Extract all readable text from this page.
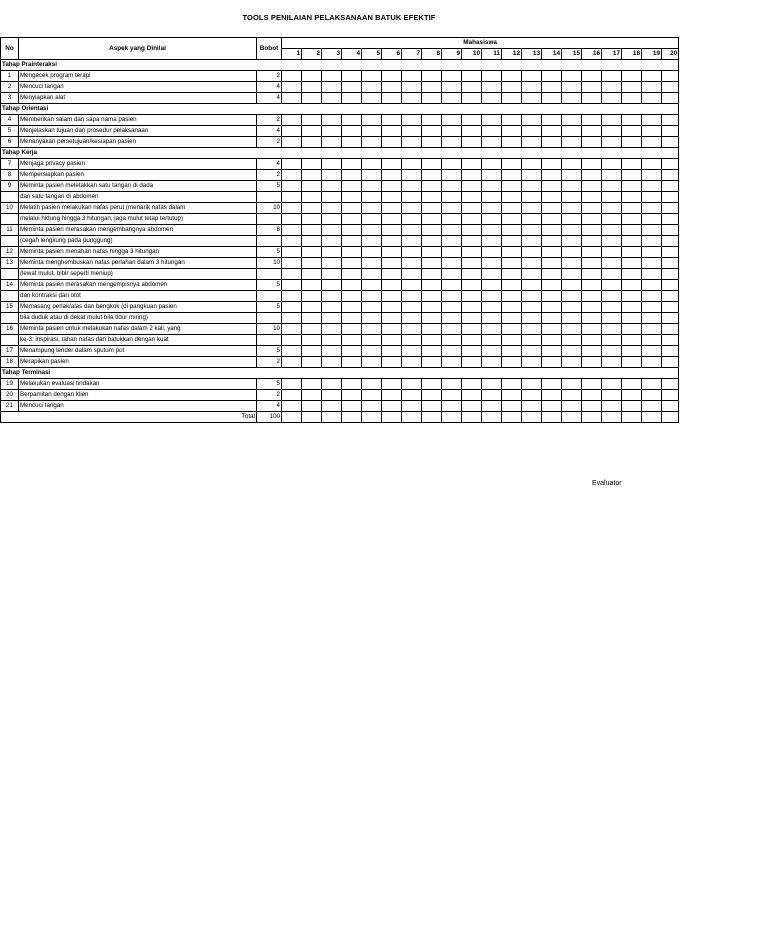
TOOLS PENILAIAN PELAKSANAAN BATUK EFEKTIF
No	Aspek yang Dinilai	Bobot	Mahasiswa																			
			1	2	3	4	5	6	7	8	9	10	11	12	13	14	15	16	17	18	19	20
Tahap Prainteraksi																						
1	Mengecek program terapi	2																				
2	Mencuci tangan	4																				
3	Menyiapkan alat	4																				
Tahap Orientasi																						
4	Memberikan salam dan sapa nama pasien	2																				
5	Menjelaskan tujuan dan prosedur pelaksanaan	4																				
6	Menanyakan persetujuan/kesiapan pasien	2																				
Tahap Kerja																						
7	Menjaga privacy pasien	4																				
8	Mempersiapkan pasien	2																				
9	Meminta pasien meletakkan satu tangan di dada	5																				
	dan satu tangan di abdomen																					
10	Melatih pasien melakukan nafas perut (menarik nafas dalam	10																				
	melalui hidung hingga 3 hitungan, jaga mulut tetap tertutup)																					
11	Meminta pasien merasakan mengembangnya abdomen	8																				
	(cegah lengkung pada punggung)																					
12	Meminta pasien menahan nafas hingga 3 hitungan	5																				
13	Meminta menghembuskan nafas perlahan dalam 3 hitungan	10																				
	(lewat mulut, bibir seperti meniup)																					
14	Meminta pasien merasakan mengempisnya abdomen	5																				
	dan kontraksi dari otot																					
15	Memasang perlak/alas dan bengkok (di pangkuan pasien	5																				
	bila duduk atau di dekat mulut bila tidur miring)																					
16	Meminta pasien untuk melakukan nafas dalam 2 kali, yang	10																				
	ke-3: inspirasi, tahan nafas dan batukkan dengan kuat																					
17	Menampung lender dalam sputum pot	5																				
18	Merapikan pasien	2																				
Tahap Terminasi																						
19	Melakukan evaluasi tindakan	5																				
20	Berpamitan dengan klien	2																				
21	Mencuci tangan	4																				
Total		100																				
Evaluator
